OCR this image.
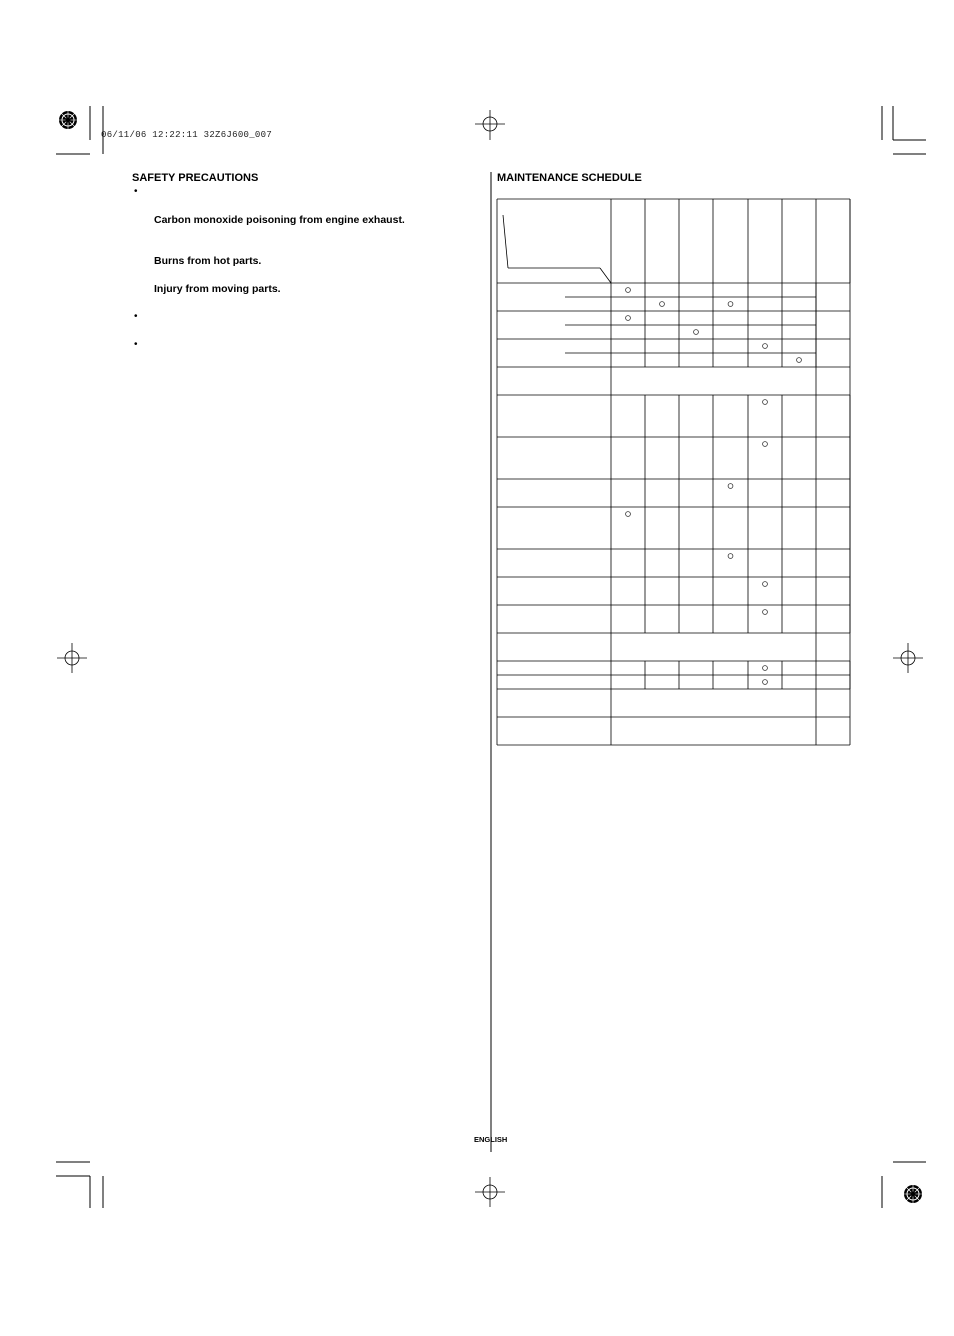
06/11/06 12:22:11 32Z6J600_007
SAFETY PRECAUTIONS
•
Carbon monoxide poisoning from engine exhaust.
Burns from hot parts.
Injury from moving parts.
•
•
MAINTENANCE SCHEDULE
ENGLISH
